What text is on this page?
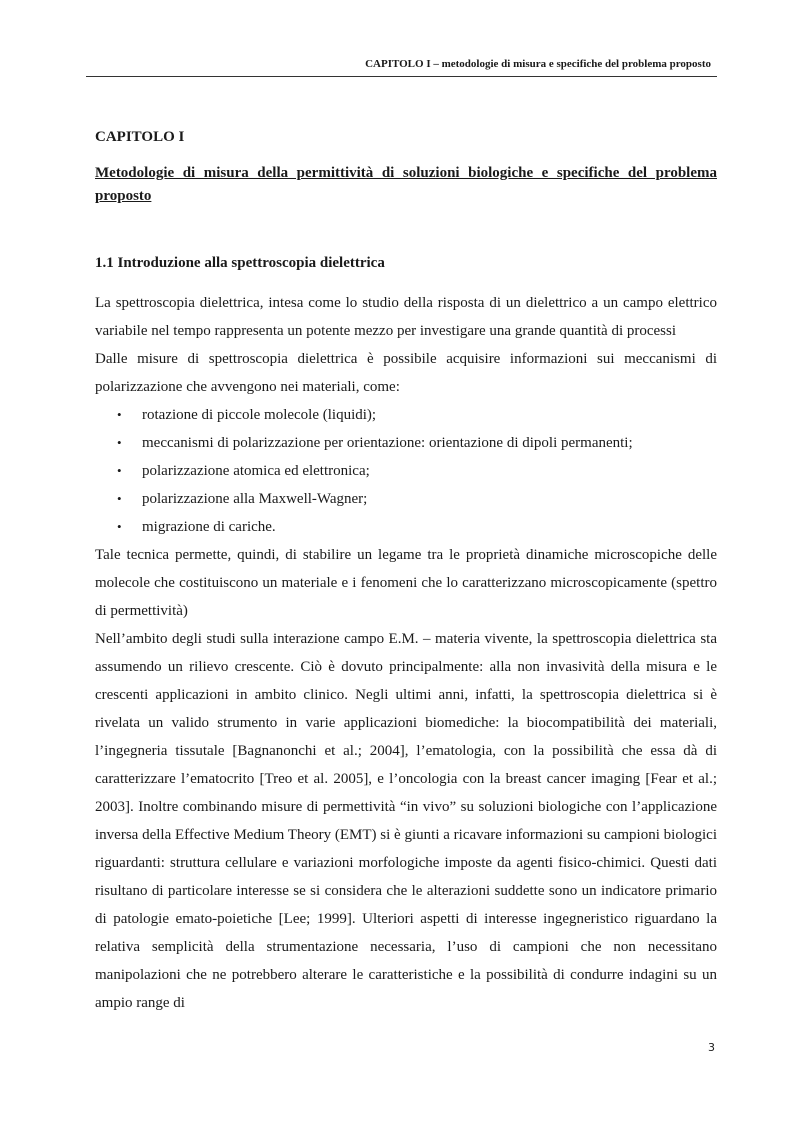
CAPITOLO I – metodologie di misura e specifiche del problema proposto
CAPITOLO I
Metodologie di misura della permittività di soluzioni biologiche e specifiche del problema proposto
1.1 Introduzione alla spettroscopia dielettrica

La spettroscopia dielettrica, intesa come lo studio della risposta di un dielettrico a un campo elettrico variabile nel tempo rappresenta un potente mezzo per investigare una grande quantità di processi

Dalle misure di spettroscopia dielettrica è possibile acquisire informazioni sui meccanismi di polarizzazione che avvengono nei materiali, come:

• rotazione di piccole molecole (liquidi);
• meccanismi di polarizzazione per orientazione: orientazione di dipoli permanenti;
• polarizzazione atomica ed elettronica;
• polarizzazione alla Maxwell-Wagner;
• migrazione di cariche.

Tale tecnica permette, quindi, di stabilire un legame tra le proprietà dinamiche microscopiche delle molecole che costituiscono un materiale e i fenomeni che lo caratterizzano microscopicamente (spettro di permettività)

Nell’ambito degli studi sulla interazione campo E.M. – materia vivente, la spettroscopia dielettrica sta assumendo un rilievo crescente. Ciò è dovuto principalmente: alla non invasività della misura e le crescenti applicazioni in ambito clinico. Negli ultimi anni, infatti, la spettroscopia dielettrica si è rivelata un valido strumento in varie applicazioni biomediche: la biocompatibilità dei materiali, l’ingegneria tissutale [Bagnanonchi et al.; 2004], l’ematologia, con la possibilità che essa dà di caratterizzare l’ematocrito [Treo et al. 2005], e l’oncologia con la breast cancer imaging [Fear et al.; 2003]. Inoltre combinando misure di permettività “in vivo” su soluzioni biologiche con l’applicazione inversa della Effective Medium Theory (EMT) si è giunti a ricavare informazioni su campioni biologici riguardanti: struttura cellulare e variazioni morfologiche imposte da agenti fisico-chimici. Questi dati risultano di particolare interesse se si considera che le alterazioni suddette sono un indicatore primario di patologie emato-poietiche [Lee; 1999]. Ulteriori aspetti di interesse ingegneristico riguardano la relativa semplicità della strumentazione necessaria, l’uso di campioni che non necessitano manipolazioni che ne potrebbero alterare le caratteristiche e la possibilità di condurre indagini su un ampio range di

3
